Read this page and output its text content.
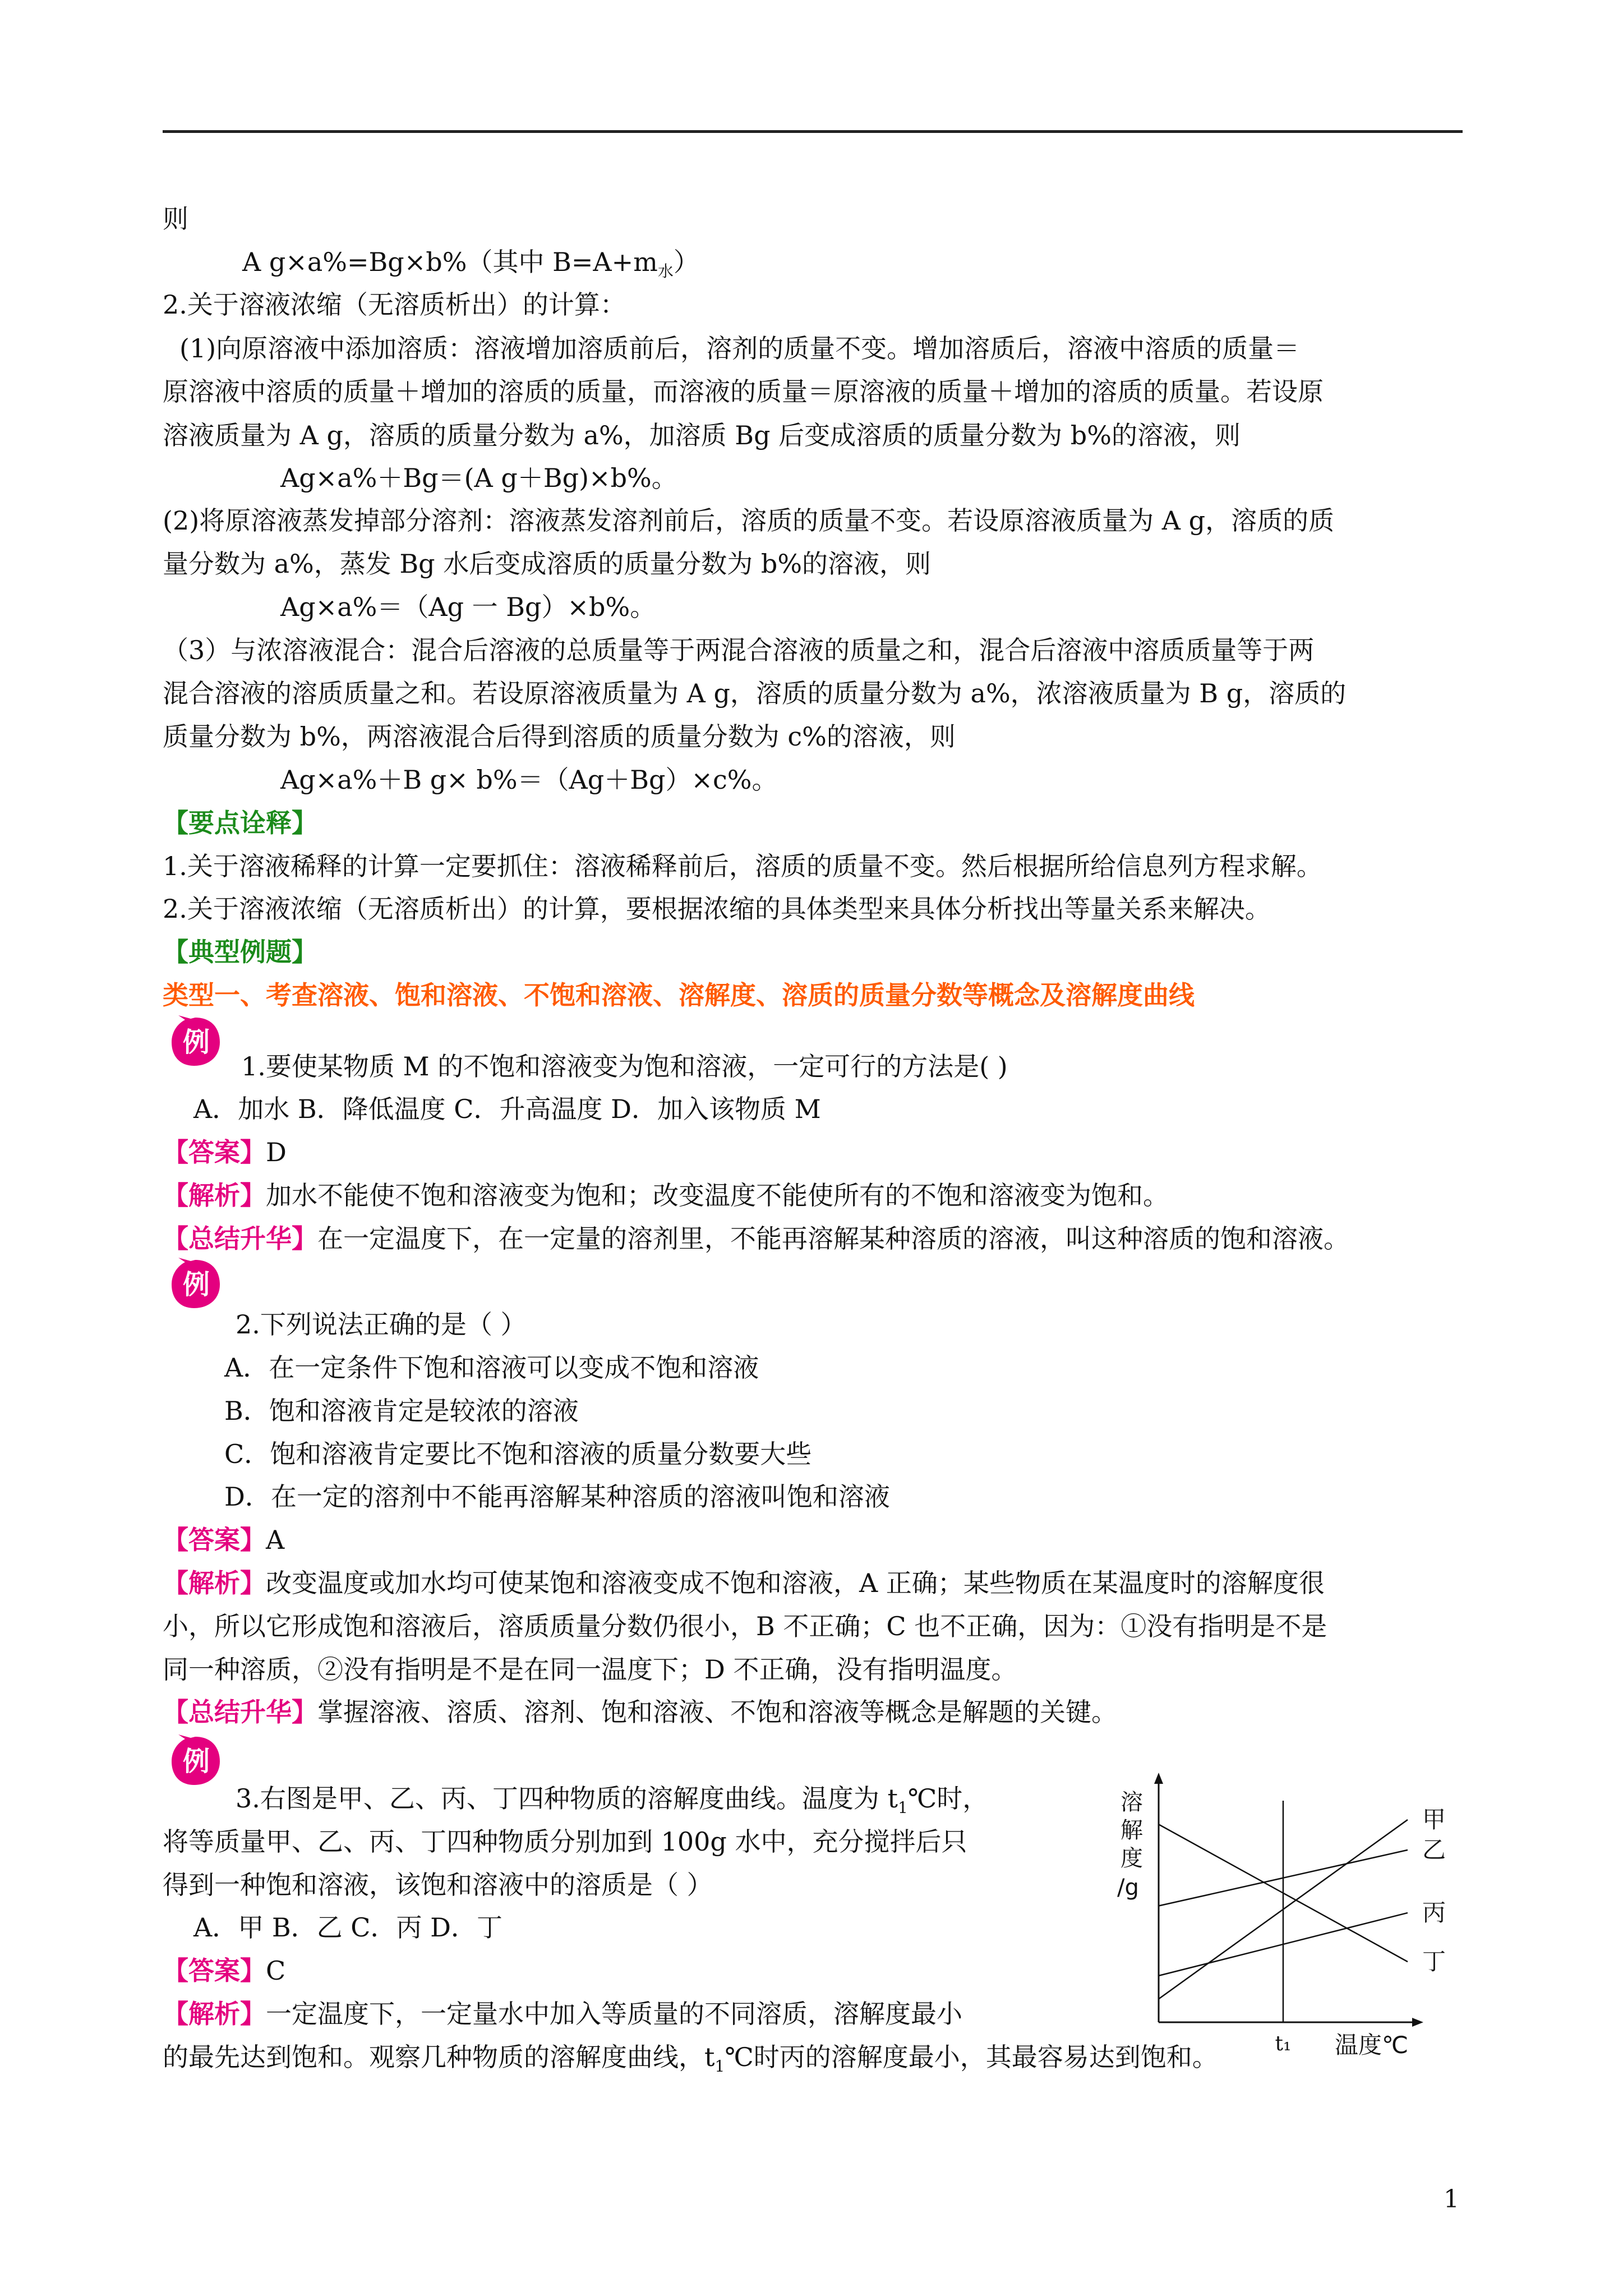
则
A g×a%=Bg×b%（其中 $B=A+m_水$）
2.关于溶液浓缩（无溶质析出）的计算：
(1)向原溶液中添加溶质：溶液增加溶质前后，溶剂的质量不变。增加溶质后，溶液中溶质的质量＝
原溶液中溶质的质量＋增加的溶质的质量，而溶液的质量＝原溶液的质量＋增加的溶质的质量。若设原
溶液质量为 A g，溶质的质量分数为 a%，加溶质 Bg 后变成溶质的质量分数为 b%的溶液，则
Ag×a%＋Bg＝(A g＋Bg)×b%。
(2)将原溶液蒸发掉部分溶剂：溶液蒸发溶剂前后，溶质的质量不变。若设原溶液质量为 A g，溶质的质
量分数为 a%，蒸发 Bg 水后变成溶质的质量分数为 b%的溶液，则
Ag×a%＝（Ag 一 Bg）×b%。
（3）与浓溶液混合：混合后溶液的总质量等于两混合溶液的质量之和，混合后溶液中溶质质量等于两
混合溶液的溶质质量之和。若设原溶液质量为 A g，溶质的质量分数为 a%，浓溶液质量为 B g，溶质的
质量分数为 b%，两溶液混合后得到溶质的质量分数为 c%的溶液，则
Ag×a%＋B g× b%＝（Ag＋Bg）×c%。
【要点诠释】
1.关于溶液稀释的计算一定要抓住：溶液稀释前后，溶质的质量不变。然后根据所给信息列方程求解。
2.关于溶液浓缩（无溶质析出）的计算，要根据浓缩的具体类型来具体分析找出等量关系来解决。
【典型例题】
类型一、考查溶液、饱和溶液、不饱和溶液、溶解度、溶质的质量分数等概念及溶解度曲线
例
1.要使某物质 M 的不饱和溶液变为饱和溶液，一定可行的方法是( )
A．加水 B．降低温度 C．升高温度 D．加入该物质 M
【答案】D
【解析】加水不能使不饱和溶液变为饱和；改变温度不能使所有的不饱和溶液变为饱和。
【总结升华】在一定温度下，在一定量的溶剂里，不能再溶解某种溶质的溶液，叫这种溶质的饱和溶液。
例
2.下列说法正确的是（ ）
A．在一定条件下饱和溶液可以变成不饱和溶液
B．饱和溶液肯定是较浓的溶液
C．饱和溶液肯定要比不饱和溶液的质量分数要大些
D．在一定的溶剂中不能再溶解某种溶质的溶液叫饱和溶液
【答案】A
【解析】改变温度或加水均可使某饱和溶液变成不饱和溶液，A 正确；某些物质在某温度时的溶解度很
小，所以它形成饱和溶液后，溶质质量分数仍很小，B 不正确；C 也不正确，因为：①没有指明是不是
同一种溶质，②没有指明是不是在同一温度下；D 不正确，没有指明温度。
【总结升华】掌握溶液、溶质、溶剂、饱和溶液、不饱和溶液等概念是解题的关键。
例
3.右图是甲、乙、丙、丁四种物质的溶解度曲线。温度为 $t_1℃$时，
将等质量甲、乙、丙、丁四种物质分别加到 100g 水中，充分搅拌后只
得到一种饱和溶液，该饱和溶液中的溶质是（ ）
A．甲 B．乙 C．丙 D．丁
【答案】C
【解析】一定温度下，一定量水中加入等质量的不同溶质，溶解度最小
的最先达到饱和。观察几种物质的溶解度曲线，$t_1℃$时丙的溶解度最小，其最容易达到饱和。
溶
解
度
/g
t₁ 温度℃
甲
乙
丙
丁
1
